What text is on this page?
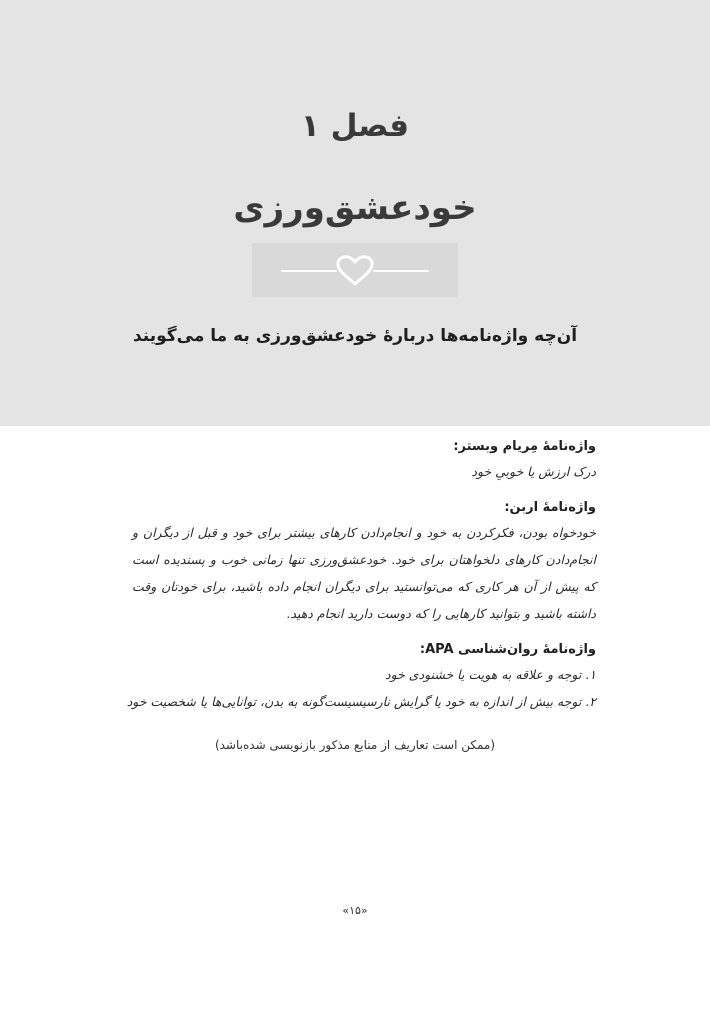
فصل ۱
خودعشق‌ورزی
آن‌چه واژه‌نامه‌ها دربارهٔ خودعشق‌ورزی به ما می‌گویند

واژه‌نامهٔ مِریام وبستر:

درک ارزش یا خوبیِ خود

واژه‌نامهٔ اربن:

خودخواه بودن، فکرکردن به خود و انجام‌دادن کارهای بیشتر برای خود و قبل از دیگران و انجام‌دادن کارهای دلخواهتان برای خود. خودعشق‌ورزی تنها زمانی خوب و پسندیده است که پیش از آن هر کاری که می‌توانستید برای دیگران انجام داده باشید، برای خودتان وقت داشته باشید و بتوانید کارهایی را که دوست دارید انجام دهید.

واژه‌نامهٔ روان‌شناسی APA:

۱. توجه و علاقه به هویت یا خشنودی خود

۲. توجه بیش از اندازه به خود یا گرایش نارسیسیست‌گونه به بدن، توانایی‌ها یا شخصیت خود

(ممکن است تعاریف از منابع مذکور بازنویسی شده‌باشد)
«۱۵»
